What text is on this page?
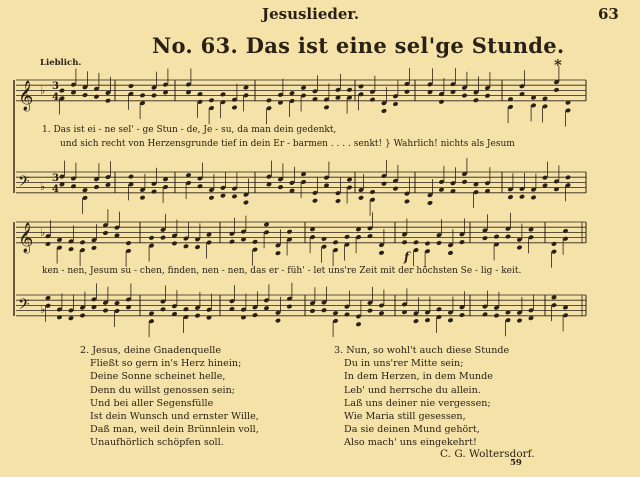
Jesuslieder.	63
No. 63. Das ist eine sel'ge Stunde.
Lieblich.	*
𝄞 ♭ 3
4
𝄢 ♭
3
4
𝄞 ♭
𝄢 ♭
1. Das ist ei - ne sel' - ge Stun - de, Je - su, da man dein gedenkt,
und sich recht von Herzensgrunde tief in dein Er - barmen . . . . senkt! } Wahrlich! nichts als Jesum
ken - nen, Jesum su - chen, finden, nen - nen, das er - füh' - let uns're Zeit mit der höchsten Se - lig - keit.
f
2. Jesus, deine Gnadenquelle
Fließt so gern in's Herz hinein;
Deine Sonne scheinet helle,
Denn du willst genossen sein;
Und bei aller Segensfülle
Ist dein Wunsch und ernster Wille,
Daß man, weil dein Brünnlein voll,
Unaufhörlich schöpfen soll.
3. Nun, so wohl't auch diese Stunde
Du in uns'rer Mitte sein;
In dem Herzen, in dem Munde
Leb' und herrsche du allein.
Laß uns deiner nie vergessen;
Wie Maria still gesessen,
Da sie deinen Mund gehört,
Also mach' uns eingekehrt!
C. G. Woltersdorf.
59
